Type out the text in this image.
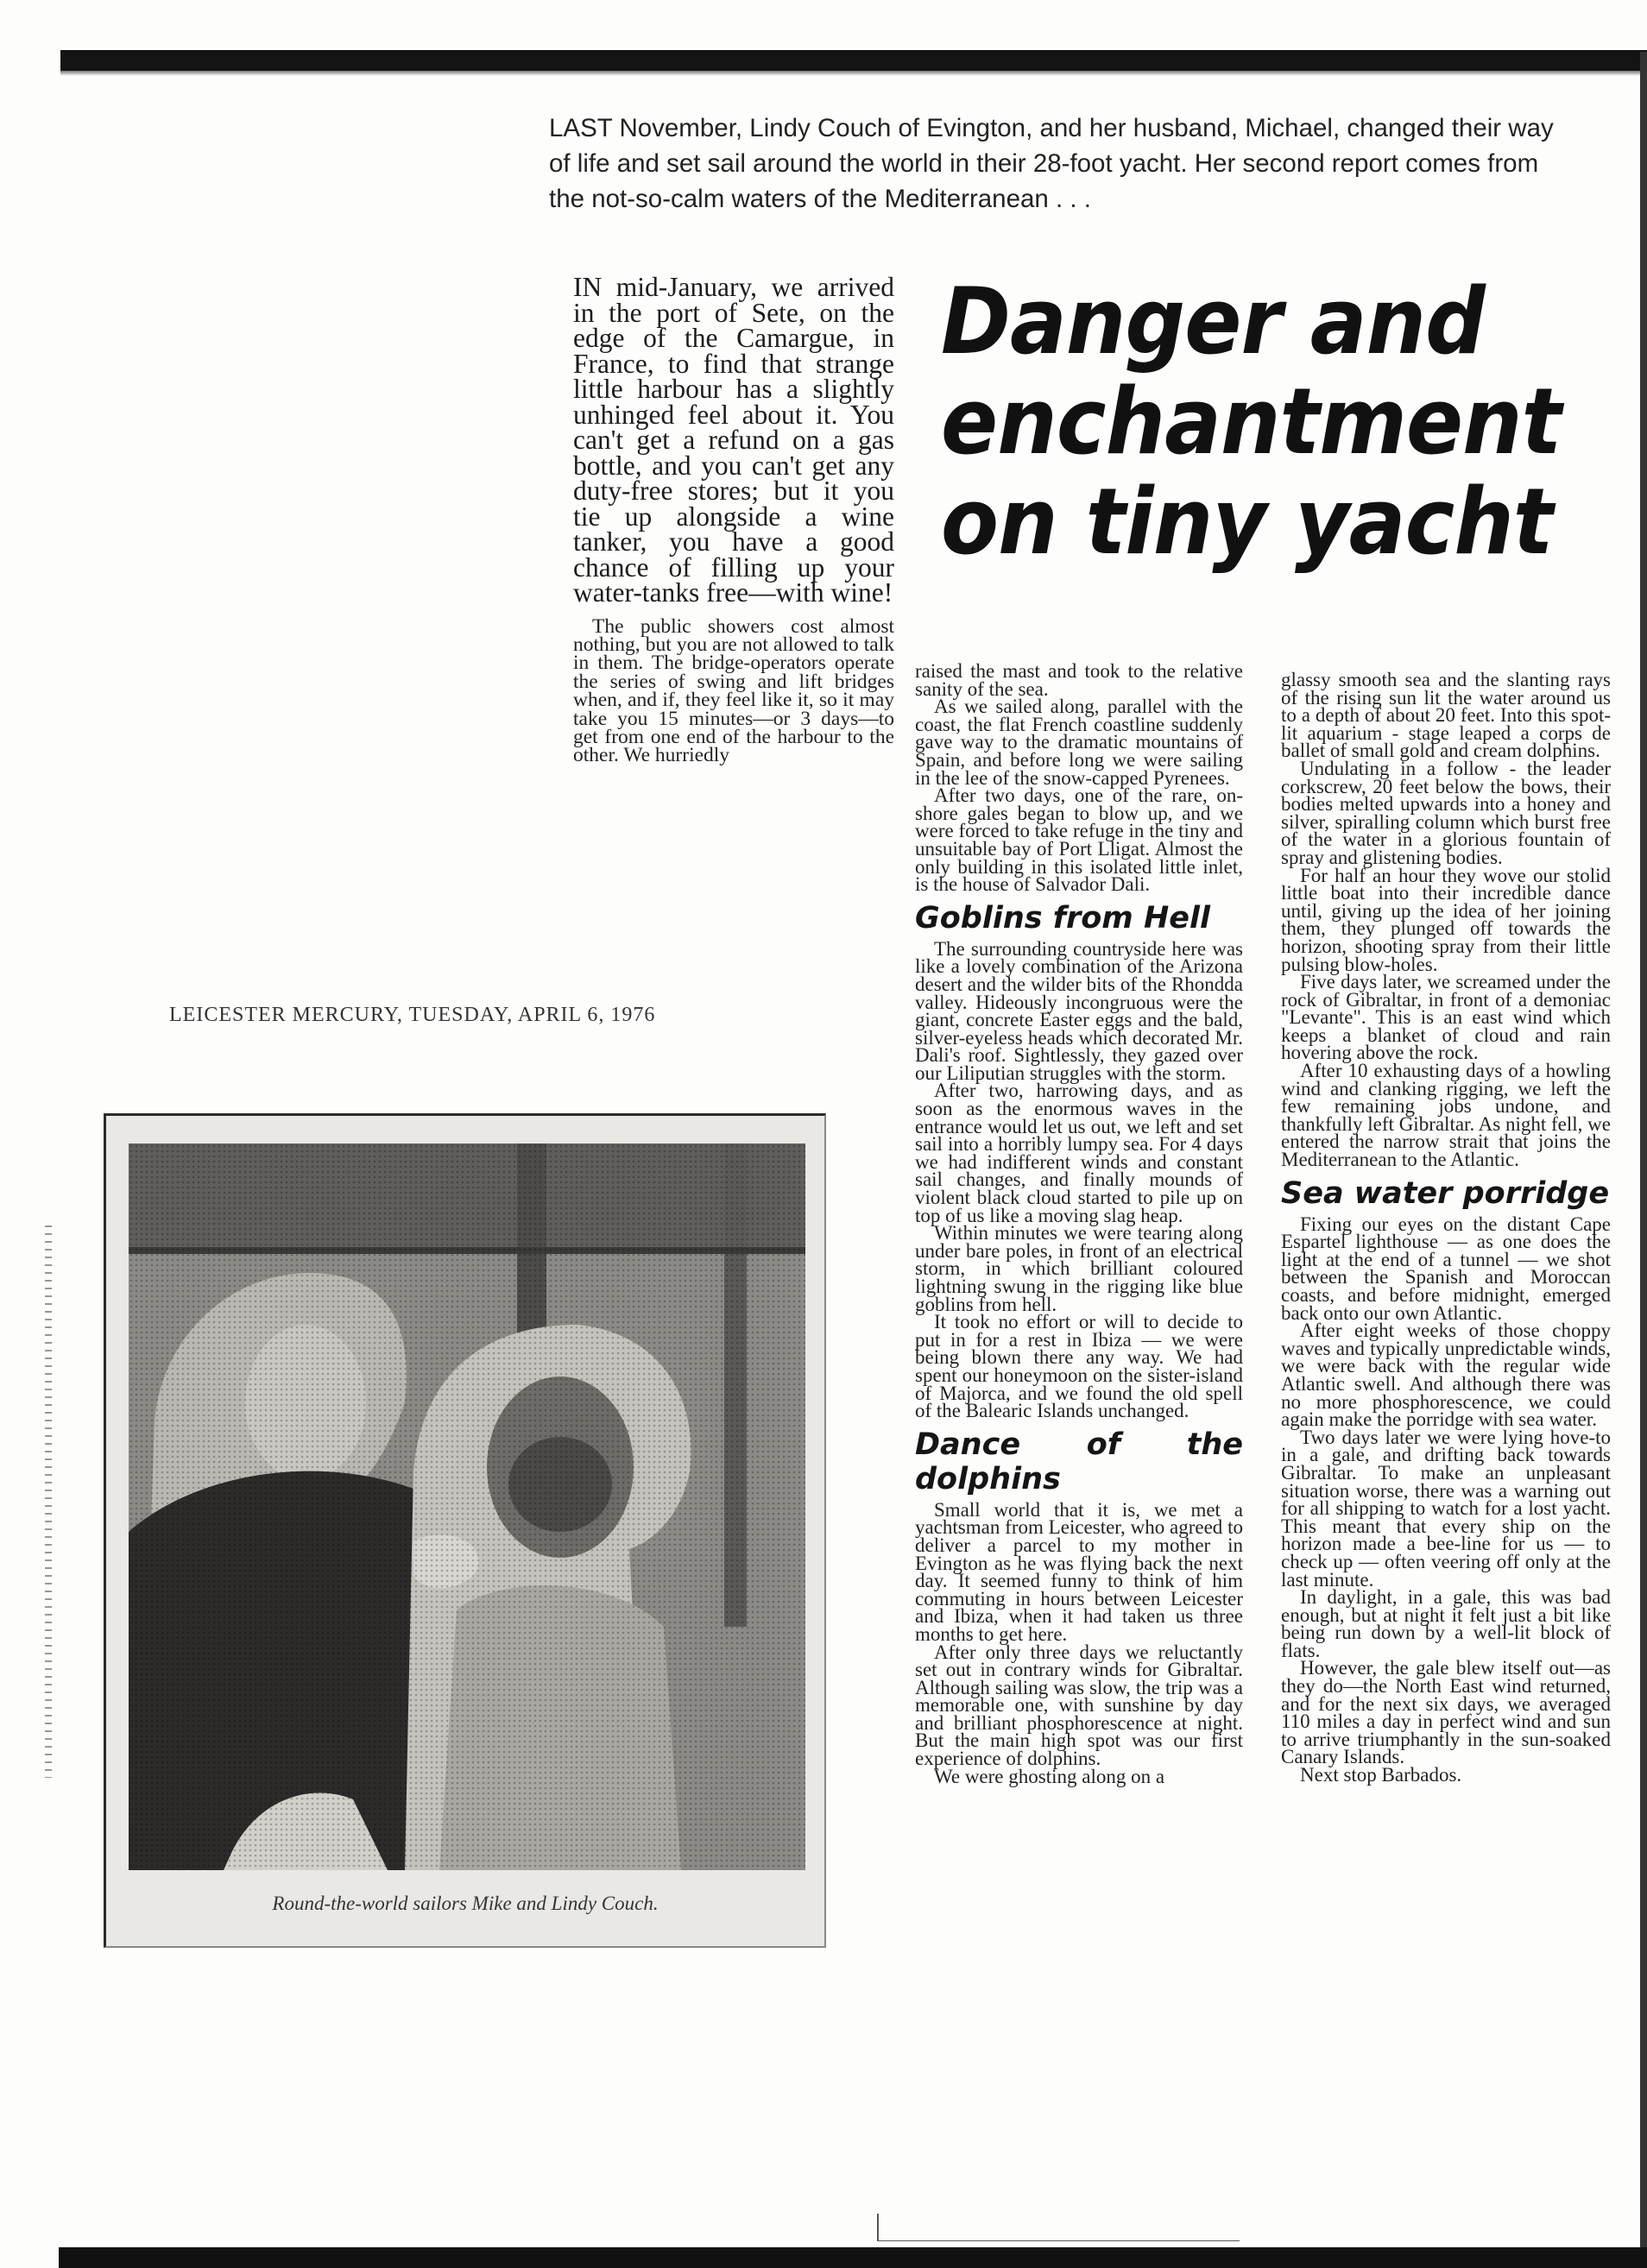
LAST November, Lindy Couch of Evington, and her husband, Michael, changed their way of life and set sail around the world in their 28-foot yacht. Her second report comes from the not-so-calm waters of the Mediterranean . . .

Danger and
enchantment
on tiny yacht

IN mid-January, we arrived in the port of Sete, on the edge of the Camargue, in France, to find that strange little harbour has a slightly unhinged feel about it. You can't get a refund on a gas bottle, and you can't get any duty-free stores; but it you tie up alongside a wine tanker, you have a good chance of filling up your water-tanks free—with wine!

The public showers cost almost nothing, but you are not allowed to talk in them. The bridge-operators operate the series of swing and lift bridges when, and if, they feel like it, so it may take you 15 minutes—or 3 days—to get from one end of the harbour to the other. We hurriedly

raised the mast and took to the relative sanity of the sea.

As we sailed along, parallel with the coast, the flat French coastline suddenly gave way to the dramatic mountains of Spain, and before long we were sailing in the lee of the snow-capped Pyrenees.

After two days, one of the rare, on-shore gales began to blow up, and we were forced to take refuge in the tiny and unsuitable bay of Port Lligat. Almost the only building in this isolated little inlet, is the house of Salvador Dali.

Goblins from Hell

The surrounding countryside here was like a lovely combination of the Arizona desert and the wilder bits of the Rhondda valley. Hideously incongruous were the giant, concrete Easter eggs and the bald, silver-eyeless heads which decorated Mr. Dali's roof. Sightlessly, they gazed over our Liliputian struggles with the storm.

After two, harrowing days, and as soon as the enormous waves in the entrance would let us out, we left and set sail into a horribly lumpy sea. For 4 days we had indifferent winds and constant sail changes, and finally mounds of violent black cloud started to pile up on top of us like a moving slag heap.

Within minutes we were tearing along under bare poles, in front of an electrical storm, in which brilliant coloured lightning swung in the rigging like blue goblins from hell.

It took no effort or will to decide to put in for a rest in Ibiza — we were being blown there any way. We had spent our honeymoon on the sister-island of Majorca, and we found the old spell of the Balearic Islands unchanged.

Dance of the dolphins

Small world that it is, we met a yachtsman from Leicester, who agreed to deliver a parcel to my mother in Evington as he was flying back the next day. It seemed funny to think of him commuting in hours between Leicester and Ibiza, when it had taken us three months to get here.

After only three days we reluctantly set out in contrary winds for Gibraltar. Although sailing was slow, the trip was a memorable one, with sunshine by day and brilliant phosphorescence at night. But the main high spot was our first experience of dolphins.

We were ghosting along on a

glassy smooth sea and the slanting rays of the rising sun lit the water around us to a depth of about 20 feet. Into this spot-lit aquarium - stage leaped a corps de ballet of small gold and cream dolphins.

Undulating in a follow - the leader corkscrew, 20 feet below the bows, their bodies melted upwards into a honey and silver, spiralling column which burst free of the water in a glorious fountain of spray and glistening bodies.

For half an hour they wove our stolid little boat into their incredible dance until, giving up the idea of her joining them, they plunged off towards the horizon, shooting spray from their little pulsing blow-holes.

Five days later, we screamed under the rock of Gibraltar, in front of a demoniac "Levante". This is an east wind which keeps a blanket of cloud and rain hovering above the rock.

After 10 exhausting days of a howling wind and clanking rigging, we left the few remaining jobs undone, and thankfully left Gibraltar. As night fell, we entered the narrow strait that joins the Mediterranean to the Atlantic.

Sea water porridge

Fixing our eyes on the distant Cape Espartel lighthouse — as one does the light at the end of a tunnel — we shot between the Spanish and Moroccan coasts, and before midnight, emerged back onto our own Atlantic.

After eight weeks of those choppy waves and typically unpredictable winds, we were back with the regular wide Atlantic swell. And although there was no more phosphorescence, we could again make the porridge with sea water.

Two days later we were lying hove-to in a gale, and drifting back towards Gibraltar. To make an unpleasant situation worse, there was a warning out for all shipping to watch for a lost yacht. This meant that every ship on the horizon made a bee-line for us — to check up — often veering off only at the last minute.

In daylight, in a gale, this was bad enough, but at night it felt just a bit like being run down by a well-lit block of flats.

However, the gale blew itself out—as they do—the North East wind returned, and for the next six days, we averaged 110 miles a day in perfect wind and sun to arrive triumphantly in the sun-soaked Canary Islands.

Next stop Barbados.

LEICESTER MERCURY, TUESDAY, APRIL 6, 1976

Round-the-world sailors Mike and Lindy Couch.
